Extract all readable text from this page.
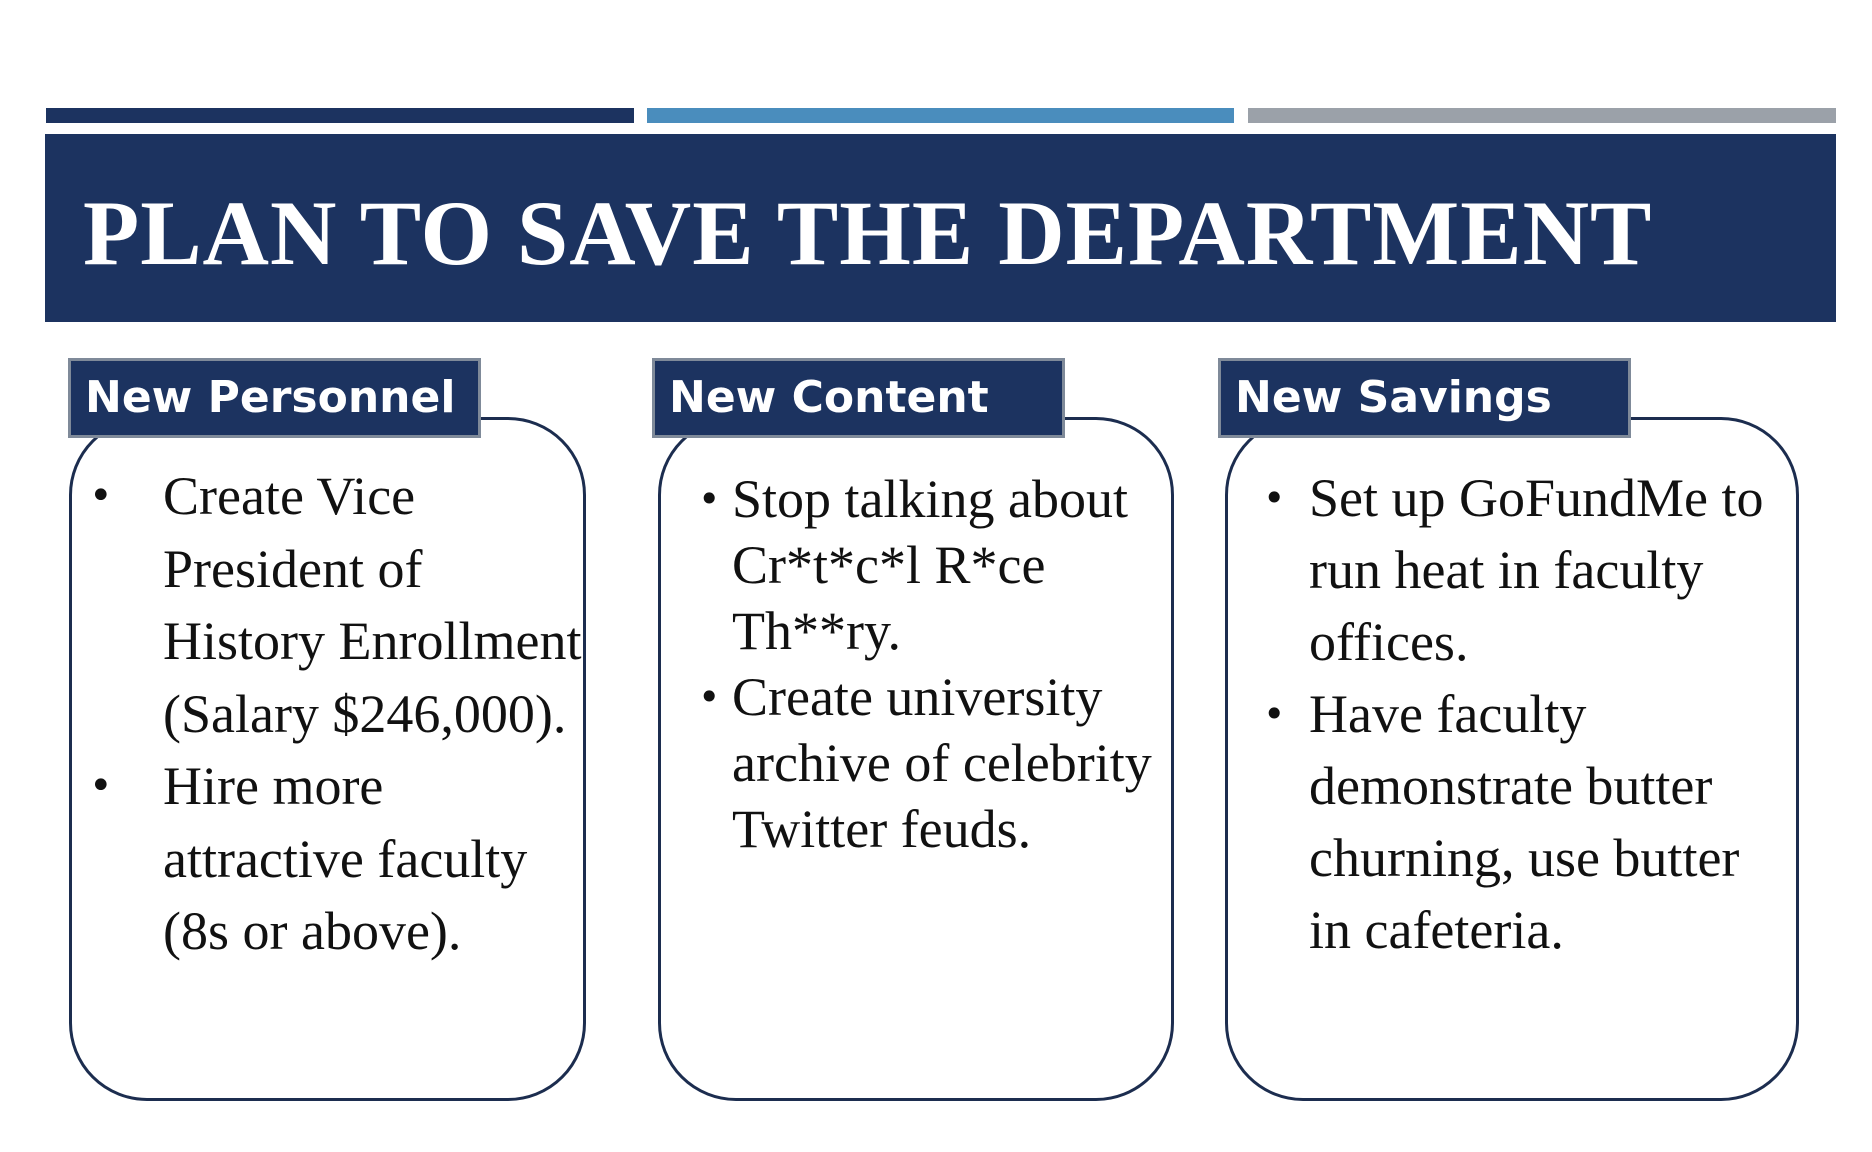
PLAN TO SAVE THE DEPARTMENT
New Personnel
• Create Vice President of History Enrollment (Salary $246,000).
• Hire more attractive faculty (8s or above).
New Content
• Stop talking about Cr*t*c*l R*ce Th**ry.
• Create university archive of celebrity Twitter feuds.
New Savings
• Set up GoFundMe to run heat in faculty offices.
• Have faculty demonstrate butter churning, use butter in cafeteria.
